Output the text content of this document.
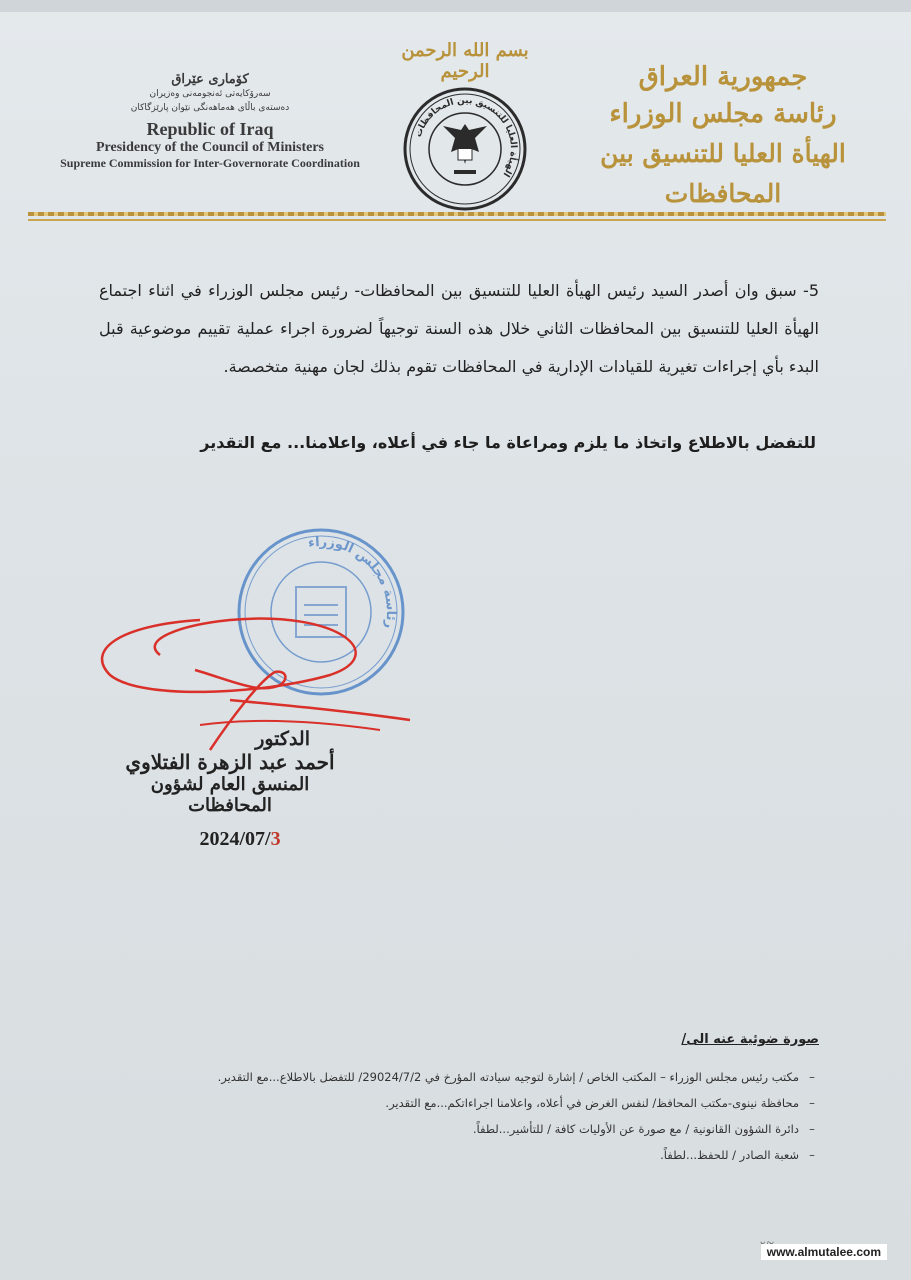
جمهورية العراق
رئاسة مجلس الوزراء
الهيأة العليا للتنسيق بين المحافظات
بسم الله الرحمن الرحيم
الهيأة العليا للتنسيق بين المحافظات
کۆماری عێراق
سەرۆکایەتی ئەنجومەنی وەزیران
دەستەی باڵای هەماهەنگی نێوان پارێزگاکان
Republic of Iraq
Presidency of the Council of Ministers
Supreme Commission for Inter-Governorate Coordination
5- سبق وان أصدر السيد رئيس الهيأة العليا للتنسيق بين المحافظات- رئيس مجلس الوزراء في اثناء اجتماع الهيأة العليا للتنسيق بين المحافظات الثاني خلال هذه السنة توجيهاً لضرورة اجراء عملية تقييم موضوعية قبل البدء بأي إجراءات تغيرية للقيادات الإدارية في المحافظات تقوم بذلك لجان مهنية متخصصة.
للتفضل بالاطلاع واتخاذ ما يلزم ومراعاة ما جاء في أعلاه، واعلامنا... مع التقدير
رئاسة مجلس الوزراء
الدكتور
أحمد عبد الزهرة الفتلاوي
المنسق العام لشؤون المحافظات
2024/07/3
صورة ضوئية عنه الى/
–
مكتب رئيس مجلس الوزراء – المكتب الخاص / إشارة لتوجيه سيادته المؤرخ في 29024/7/2/ للتفضل بالاطلاع...مع التقدير.
–
محافظة نينوى-مكتب المحافظ/ لنفس الغرض في أعلاه، واعلامنا اجراءاتكم...مع التقدير.
–
دائرة الشؤون القانونية / مع صورة عن الأوليات كافة / للتأشير...لطفاً.
–
شعبة الصادر / للحفظ...لطفاً.
www.almutalee.com
